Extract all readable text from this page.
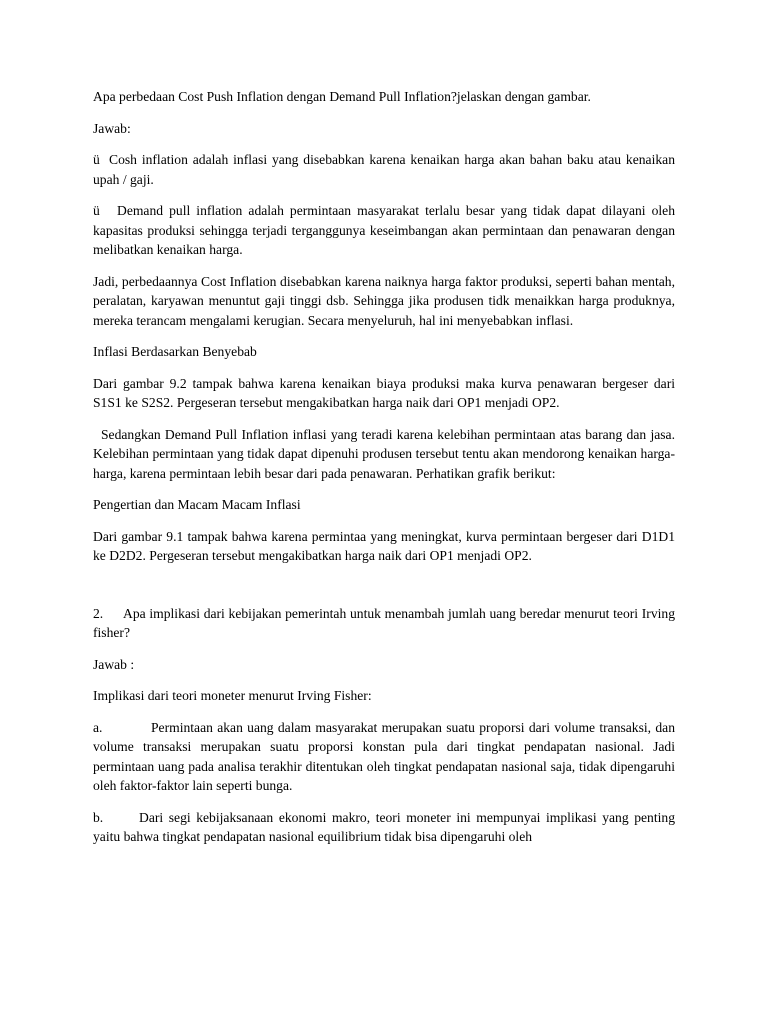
Apa perbedaan Cost Push Inflation dengan Demand Pull Inflation?jelaskan dengan gambar.

Jawab:

ü Cosh inflation adalah inflasi yang disebabkan karena kenaikan harga akan bahan baku atau kenaikan upah / gaji.

ü Demand pull inflation adalah permintaan masyarakat terlalu besar yang tidak dapat dilayani oleh kapasitas produksi sehingga terjadi terganggunya keseimbangan akan permintaan dan penawaran dengan melibatkan kenaikan harga.

Jadi, perbedaannya Cost Inflation disebabkan karena naiknya harga faktor produksi, seperti bahan mentah, peralatan, karyawan menuntut gaji tinggi dsb. Sehingga jika produsen tidk menaikkan harga produknya, mereka terancam mengalami kerugian. Secara menyeluruh, hal ini menyebabkan inflasi.

Inflasi Berdasarkan Benyebab

Dari gambar 9.2 tampak bahwa karena kenaikan biaya produksi maka kurva penawaran bergeser dari S1S1 ke S2S2. Pergeseran tersebut mengakibatkan harga naik dari OP1 menjadi OP2.

Sedangkan Demand Pull Inflation inflasi yang teradi karena kelebihan permintaan atas barang dan jasa. Kelebihan permintaan yang tidak dapat dipenuhi produsen tersebut tentu akan mendorong kenaikan harga-harga, karena permintaan lebih besar dari pada penawaran. Perhatikan grafik berikut:

Pengertian dan Macam Macam Inflasi

Dari gambar 9.1 tampak bahwa karena permintaa yang meningkat, kurva permintaan bergeser dari D1D1 ke D2D2. Pergeseran tersebut mengakibatkan harga naik dari OP1 menjadi OP2.

2. Apa implikasi dari kebijakan pemerintah untuk menambah jumlah uang beredar menurut teori Irving fisher?

Jawab :

Implikasi dari teori moneter menurut Irving Fisher:

a.	Permintaan akan uang dalam masyarakat merupakan suatu proporsi dari volume transaksi, dan volume transaksi merupakan suatu proporsi konstan pula dari tingkat pendapatan nasional. Jadi permintaan uang pada analisa terakhir ditentukan oleh tingkat pendapatan nasional saja, tidak dipengaruhi oleh faktor-faktor lain seperti bunga.

b.	Dari segi kebijaksanaan ekonomi makro, teori moneter ini mempunyai implikasi yang penting yaitu bahwa tingkat pendapatan nasional equilibrium tidak bisa dipengaruhi oleh
